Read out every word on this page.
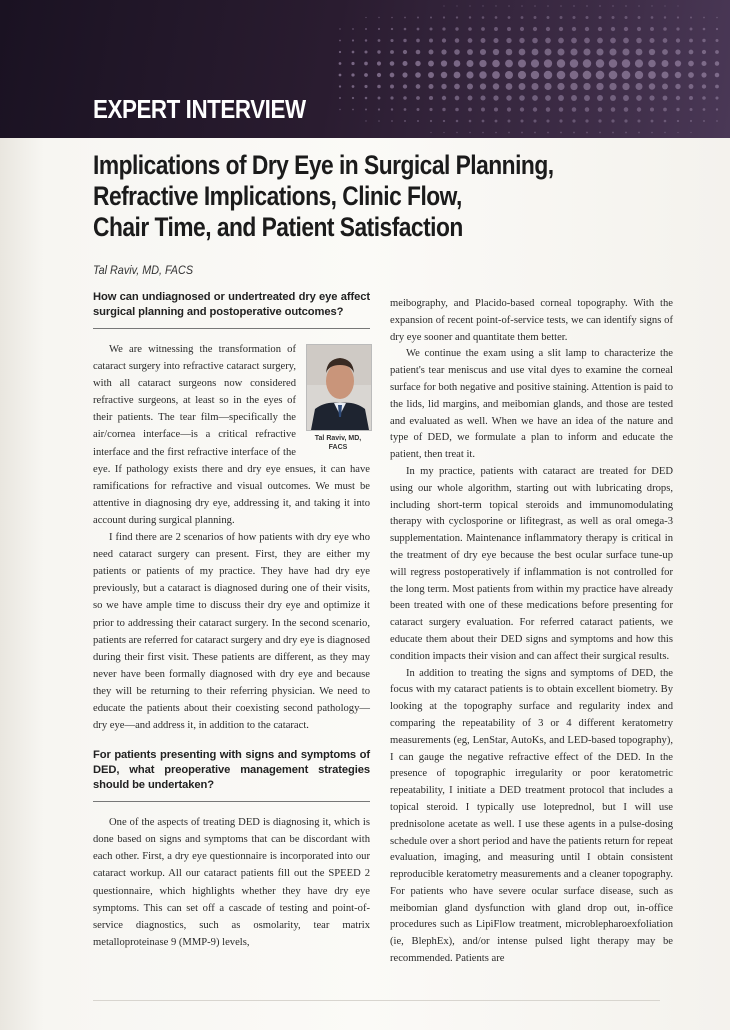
EXPERT INTERVIEW
Implications of Dry Eye in Surgical Planning,
Refractive Implications, Clinic Flow,
Chair Time, and Patient Satisfaction
Tal Raviv, MD, FACS
How can undiagnosed or undertreated dry eye affect surgical planning and postoperative outcomes?
Tal Raviv, MD,
FACS

We are witnessing the transformation of cataract surgery into refractive cataract surgery, with all cataract surgeons now considered refractive surgeons, at least so in the eyes of their patients. The tear film—specifically the air/cornea interface—is a critical refractive interface and the first refractive interface of the eye. If pathology exists there and dry eye ensues, it can have ramifications for refractive and visual outcomes. We must be attentive in diagnosing dry eye, addressing it, and taking it into account during surgical planning.

I find there are 2 scenarios of how patients with dry eye who need cataract surgery can present. First, they are either my patients or patients of my practice. They have had dry eye previously, but a cataract is diagnosed during one of their visits, so we have ample time to discuss their dry eye and optimize it prior to addressing their cataract surgery. In the second scenario, patients are referred for cataract surgery and dry eye is diagnosed during their first visit. These patients are different, as they may never have been formally diagnosed with dry eye and because they will be returning to their referring physician. We need to educate the patients about their coexisting second pathology—dry eye—and address it, in addition to the cataract.

For patients presenting with signs and symptoms of DED, what preoperative management strategies should be undertaken?

One of the aspects of treating DED is diagnosing it, which is done based on signs and symptoms that can be discordant with each other. First, a dry eye questionnaire is incorporated into our cataract workup. All our cataract patients fill out the SPEED 2 questionnaire, which highlights whether they have dry eye symptoms. This can set off a cascade of testing and point-of-service diagnostics, such as osmolarity, tear matrix metalloproteinase 9 (MMP-9) levels,

meibography, and Placido-based corneal topography. With the expansion of recent point-of-service tests, we can identify signs of dry eye sooner and quantitate them better.

We continue the exam using a slit lamp to characterize the patient's tear meniscus and use vital dyes to examine the corneal surface for both negative and positive staining. Attention is paid to the lids, lid margins, and meibomian glands, and those are tested and evaluated as well. When we have an idea of the nature and type of DED, we formulate a plan to inform and educate the patient, then treat it.

In my practice, patients with cataract are treated for DED using our whole algorithm, starting out with lubricating drops, including short-term topical steroids and immunomodulating therapy with cyclosporine or lifitegrast, as well as oral omega-3 supplementation. Maintenance inflammatory therapy is critical in the treatment of dry eye because the best ocular surface tune-up will regress postoperatively if inflammation is not controlled for the long term. Most patients from within my practice have already been treated with one of these medications before presenting for cataract surgery evaluation. For referred cataract patients, we educate them about their DED signs and symptoms and how this condition impacts their vision and can affect their surgical results.

In addition to treating the signs and symptoms of DED, the focus with my cataract patients is to obtain excellent biometry. By looking at the topography surface and regularity index and comparing the repeatability of 3 or 4 different keratometry measurements (eg, LenStar, AutoKs, and LED-based topography), I can gauge the negative refractive effect of the DED. In the presence of topographic irregularity or poor keratometric repeatability, I initiate a DED treatment protocol that includes a topical steroid. I typically use loteprednol, but I will use prednisolone acetate as well. I use these agents in a pulse-dosing schedule over a short period and have the patients return for repeat evaluation, imaging, and measuring until I obtain consistent reproducible keratometry measurements and a cleaner topography. For patients who have severe ocular surface disease, such as meibomian gland dysfunction with gland drop out, in-office procedures such as LipiFlow treatment, microblepharoexfoliation (ie, BlephEx), and/or intense pulsed light therapy may be recommended. Patients are
